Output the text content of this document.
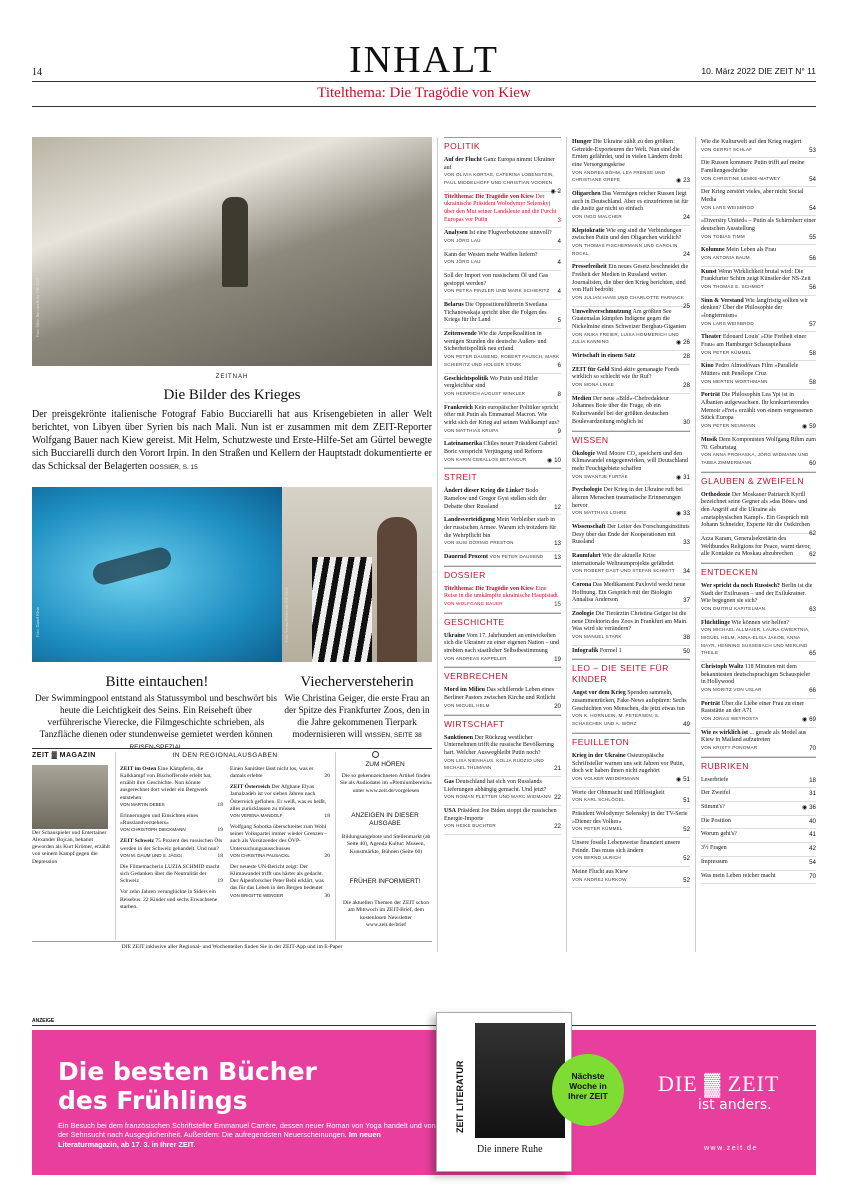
14	INHALT	10. März 2022 DIE ZEIT N° 11
Titelthema: Die Tragödie von Kiew
Foto: Fabio Bucciarelli für DIE ZEIT
ZEITNAH
Die Bilder des Krieges
Der preisgekrönte italienische Fotograf Fabio Bucciarelli hat aus Krisengebieten in aller Welt berichtet, von Libyen über Syrien bis nach Mali. Nun ist er zusammen mit dem ZEIT-Reporter Wolfgang Bauer nach Kiew gereist. Mit Helm, Schutzweste und Erste-Hilfe-Set am Gürtel bewegte sich Bucciarelli durch den Vorort Irpin. In den Straßen und Kellern der Hauptstadt dokumentierte er das Schicksal der Belagerten DOSSIER, S. 15
Foto: Daniel Klein	Foto: Verena Pfeifer für DIE ZEIT
Bitte eintauchen!
Der Swimmingpool entstand als Statussymbol und beschwört bis heute die Leichtigkeit des Seins. Ein Reiseheft über verführerische Vierecke, die Filmgeschichte schrieben, als Tanzfläche dienen oder stundenweise gemietet werden können
Viecherversteherin
Wie Christina Geiger, die erste Frau an der Spitze des Frankfurter Zoos, den in die Jahre gekommenen Tierpark modernisieren will WISSEN, SEITE 38
ZEIT ▓ MAGAZIN
Der Schauspieler und Entertainer Alexander Bojcan, bekannt geworden als Kurt Krömer, erzählt von seinem Kampf gegen die Depression
IN DEN REGIONALAUSGABEN

ZEIT im Osten Eine Kämpferin, die Kalkkampf von Bischofferode erlebt hat, erzählt ihre Geschichte. Nun könnte ausgerechnet dort wieder ein Bergwerk entstehen
VON MARTIN DEBES	18

Erinnerungen und Einsichten eines »Russlandverstehers«
VON CHRISTOPH DIECKMANN	19

ZEIT Schweiz 75 Prozent des russischen Öls werden in der Schweiz gehandelt. Und nun?
VON M. DAUM UND S. JÄGGI	18

Die Filmemacherin LUZIA SCHMID macht sich Gedanken über die Neutralität der Schweiz	19

Vor zehn Jahren verunglückte in Siders ein Reisebus. 22 Kinder und sechs Erwachsene starben.

Einen Sanitäter lässt nicht los, was er damals erlebte	20

ZEIT Österreich Der Afghane Elyas Jamalzadeh ist vor sieben Jahren nach Österreich geflohen. Er weiß, was es heißt, alles zurücklassen zu müssen
VON VERENA MANDOLF	18

Wolfgang Sobotka überschreitet zum Wohl seiner Volkspartei immer wieder Grenzen – auch als Vorsitzender des ÖVP-Untersuchungsausschusses
VON CHRISTINA PAUSACKL	20

Der neueste UN-Bericht zeigt: Der Klimawandel trifft uns härter als gedacht. Der Alpenforscher Peter Bebi erklärt, was das für das Leben in den Bergen bedeutet
VON BRIGITTE WENGER	30

ZUM HÖREN
Die so gekennzeichneten Artikel finden Sie als Audiodatei im »Premiumbereich« unter www.zeit.de/vorgelesen
ANZEIGEN IN DIESER AUSGABE
Bildungsangebote und Stellenmarkt (ab Seite 40), Agenda Kultur: Museen, Kunstmärkte, Bühnen (Seite 60)
FRÜHER INFORMIERT!
Die aktuellen Themen der ZEIT schon am Mittwoch im ZEIT-Brief, dem kostenlosen Newsletter www.zeit.de/brief
DIE ZEIT inklusive aller Regional- und Wochenteilen finden Sie in der ZEIT-App und im E-Paper
POLITIK
Auf der Flucht Ganz Europa nimmt Ukrainer auf
VON OLIVIA KORTAS, CATERINA LOBENSTEIN, PAUL MIDDELHOFF UND CHRISTIAN VOOREN
◉ 2
Titelthema: Die Tragödie von Kiew Der ukrainische Präsident Wolodymyr Selenskyj über den Mut seiner Landsleute und die Furcht Europas vor Putin	3
Analysen Ist eine Flugverbotszone sinnvoll?
VON JÖRG LAU	4
Kann der Westen mehr Waffen liefern?
VON JÖRG LAU	4
Soll der Import von russischem Öl und Gas gestoppt werden?
VON PETRA PINZLER UND MARK SCHIERITZ 4
Belarus Die Oppositionsführerin Swetlana Tichanowskaja spricht über die Folgen des Kriegs für ihr Land	5
Zeitenwende Wie die Ampelkoalition in wenigen Stunden die deutsche Außen- und Sicherheitspolitik neu erfand
VON PETER DAUSEND, ROBERT PAUSCH, MARK SCHIERITZ UND HOLGER STARK	6
Geschichtspolitik Wo Putin und Hitler vergleichbar sind
VON HEINRICH AUGUST WINKLER	8
Frankreich Kein europäischer Politiker spricht öfter mit Putin als Emmanuel Macron. Wie wirkt sich der Krieg auf seinen Wahlkampf aus?
VON MATTHIAS KRUPA	9
Lateinamerika Chiles neuer Präsident Gabriel Boric verspricht Verjüngung und Reform
VON KARIN CEBALLOS BETANCUR	◉ 10
STREIT
Ändert dieser Krieg die Linke? Bodo Ramelow und Gregor Gysi stellen sich der Debatte über Russland	12
Landesverteidigung Mein Verbleiber starb in der russischen Armee. Warum ich trotzdem für die Wehrpflicht bin
VON SUSI DÖRING PRESTON	13
Dauernd Prozent VON PETER DAUSEND 13
DOSSIER
Titelthema: Die Tragödie von Kiew Eine Reise in die umkämpfte ukrainische Hauptstadt
VON WOLFGANG BAUER	15
GESCHICHTE
Ukraine Vom 17. Jahrhundert an entwickelten sich die Ukrainer zu einer eigenen Nation – und strebten nach staatlicher Selbstbestimmung
VON ANDREAS KAPPELER	19
VERBRECHEN
Mord im Milieu Das schillernde Leben eines Berliner Pastors zwischen Kirche und Rotlicht
VON MIGUEL HELM	20
WIRTSCHAFT
Sanktionen Der Rückzug westlicher Unternehmen trifft die russische Bevölkerung hart. Welcher Auswegbleibt Putin noch?
VON LISA NIENHAUS, KOLJA RUDZIO UND MICHAEL THUMANN	21
Gas Deutschland hat sich von Russlands Lieferungen abhängig gemacht. Und jetzt?
VON ROMAN PLETTER UND MARC WIDMANN 22
USA Präsident Joe Biden stoppt die russischen Energie-Importe
VON HEIKE BUCHTER	22
Hunger Die Ukraine zählt zu den größten Getreide-Exporteuren der Welt. Nun sind die Ernten gefährdet, und in vielen Ländern droht eine Versorgungskrise
VON ANDREA BÖHM, LEA FRENSE UND CHRISTIANE GREFE	◉ 23
Oligarchen Das Vermögen reicher Russen liegt auch in Deutschland. Aber es einzufrieren ist für die Justiz gar nicht so einfach
VON INGO MALCHER	24
Kleptokratie Wie eng sind die Verbindungen zwischen Putin und den Oligarchen wirklich?
VON THOMAS FISCHERMANN UND CAROLIN ROCKL	24
Pressefreiheit Ein neues Gesetz beschneidet die Freiheit der Medien in Russland weiter. Journalisten, die über den Krieg berichten, sind von Haft bedroht
VON JULIAN HANS UND CHARLOTTE PARNACK
25
Umweltverschmutzung Am größten See Guatemalas kämpfen Indigene gegen die Nickelmine eines Schweizer Bergbau-Giganten
VON ANIKA FREIER, LUISA HOMMERICH UND JULIA KANNING	◉ 26
Wirtschaft in einem Satz	28
ZEIT für Geld Sind aktiv gemanagte Fonds wirklich so schlecht wie ihr Ruf?
VON MONA LINKE	28
Medien Der neue »Bild«-Chefredakteur Johannes Boie über die Frage, ob ein Kulturwandel bei der größten deutschen Boulevardzeitung möglich ist	30
WISSEN
Ökologie Weil Moore CO₂ speichern und den Klimawandel entgegenwirken, will Deutschland mehr Feuchtgebiete schaffen
VON SWANTJE FURTAK	◉ 31
Psychologie Der Krieg in der Ukraine ruft bei älteren Menschen traumatische Erinnerungen hervor
VON MATTHIAS LOHRE	◉ 33
Wissenschaft Der Leiter des Forschungsinstituts Desy über das Ende der Kooperationen mit Russland	33
Raumfahrt Wie die aktuelle Krise internationale Weltraumprojekte gefährdet
VON ROBERT GAST UND STEFAN SCHMITT 34
Corona Das Medikament Paxlovid weckt neue Hoffnung. Ein Gespräch mit der Biologin Annalisa Anderson	37
Zoologie Die Tierärztin Christina Geiger ist die neue Direktorin des Zoos in Frankfurt am Main. Was wird sie verändern?
VON MANUEL STARK	38
Infografik Formel 1	50
LEO – DIE SEITE FÜR KINDER
Angst vor dem Krieg Spenden sammeln, zusammenrücken, Fake-News aufspüren: Sechs Geschichten von Menschen, die jetzt etwas tun
VON K. HORNLEIN, M. PETERSEN, S. SCHASCHEK UND A. WÖRZ	49
FEUILLETON
Krieg in der Ukraine Osteuropäische Schriftsteller warnen uns seit Jahren vor Putin, doch wir haben ihnen nicht zugehört
VON VOLKER WEIDERMANN	◉ 51
Worte der Ohnmacht und Hilflosigkeit
VON KARL SCHLÖGEL	51
Präsident Wolodymyr Selenskyj in der TV-Serie »Diener des Volkes«
VON PETER KÜMMEL	52
Unsere fossile Lebensweise finanziert unsere Feinde. Das muss sich ändern
VON BERND ULRICH	52
Meine Flucht aus Kiew
VON ANDREJ KURKOW	52
Wie die Kulturwelt auf den Krieg reagiert
VON GERRIT SCHLAF	53
Die Russen kommen: Putin trifft auf meine Familiengeschichte
VON CHRISTINE LEMKE-MATWEY	54
Der Krieg zerstört vieles, aber nicht Social Media
VON LARS WEISBROD	54
»Diversity United« – Putin als Schirmherr einer deutschen Ausstellung
VON TOBIAS TIMM	55
Kolumne Mein Leben als Frau
VON ANTONIA BAUM	56
Kunst Wenn Wirklichkeit brutal wird: Die Frankfurter Schirn zeigt Künstler der NS-Zeit
VON THOMAS E. SCHMIDT	56
Sinn & Verstand Wie langfristig sollten wir denken? Über die Philosophie der »longtermism«
VON LARS WEISBROD	57
Theater Edouard Louis' »Die Freiheit einer Frau« am Hamburger Schauspielhaus
VON PETER KÜMMEL	58
Kino Pedro Almodóvars Film »Parallele Mütter« mit Penélope Cruz
VON MERTEN WORTHMANN	58
Porträt Die Philosophin Lea Ypi ist in Albanien aufgewachsen. Ihr konkurrierendes Memoir »Frei« erzählt von einem vergessenen Stück Europa
VON PETER NEUMANN	◉ 59
Musik Dem Komponisten Wolfgang Rihm zum 70. Geburtstag
VON ANNA PROHASKA, JÖRG WIDMANN UND TABEA ZIMMERMANN	60
GLAUBEN & ZWEIFELN
Orthodoxie Der Moskauer Patriarch Kyrill bezeichnet seine Gegner als »das Böse« und den Angriff auf die Ukraine als »metaphysischen Kampf«. Ein Gespräch mit Johann Schneider, Experte für die Ostkirchen
62
Azza Karam, Generalsekretärin des Weltbundes Religions for Peace, warnt davor, alle Kontakte zu Moskau abzubrechen	62
ENTDECKEN
Wer spricht da noch Russisch? Berlin ist die Stadt der Exilrussen – und der Exilukrainer. Wie begegnen sie sich?
VON DMITRIJ KAPITELMAN	63
Flüchtlinge Wie können wir helfen?
VON MICHAEL ALLMAIER, LAURA CWIERTNIA, MIGUEL HELM, ANNA-ELISA JAKOB, ANNA MAYR, HENNING SUSSEBACH UND MERLIND THEILE	65
Christoph Waltz 118 Minuten mit dem bekanntesten deutschsprachigen Schauspieler in Hollywood
VON MORITZ VON USLAR	66
Porträt Über die Liebe einer Frau zu einer Raststätte an der A71
VON JONAS WEYROSTA	◉ 69
Wie es wirklich ist ... gerade als Model aus Kiew in Mailand aufzutreten
VON KRISTY PONOMAR	70
RUBRIKEN
Leserbriefe	18
Der Zweifel	31
Stimmt's?	◉ 36
Die Position	40
Worum geht's?	41
3½ Fragen	42
Impressum	54
Was mein Leben reicher macht	70
ANZEIGE
Die besten Bücher
des Frühlings
Ein Besuch bei dem französischen Schriftsteller Emmanuel Carrère, dessen neuer Roman von Yoga handelt und von der Sehnsucht nach Ausgeglichenheit. Außerdem: Die aufregendsten Neuerscheinungen. Im neuen Literaturmagazin, ab 17. 3. in Ihrer ZEIT.
ZEIT LITERATUR
Die innere Ruhe
Nächste
Woche in
Ihrer ZEIT	DIE ▓ ZEIT
ist anders.
www.zeit.de
